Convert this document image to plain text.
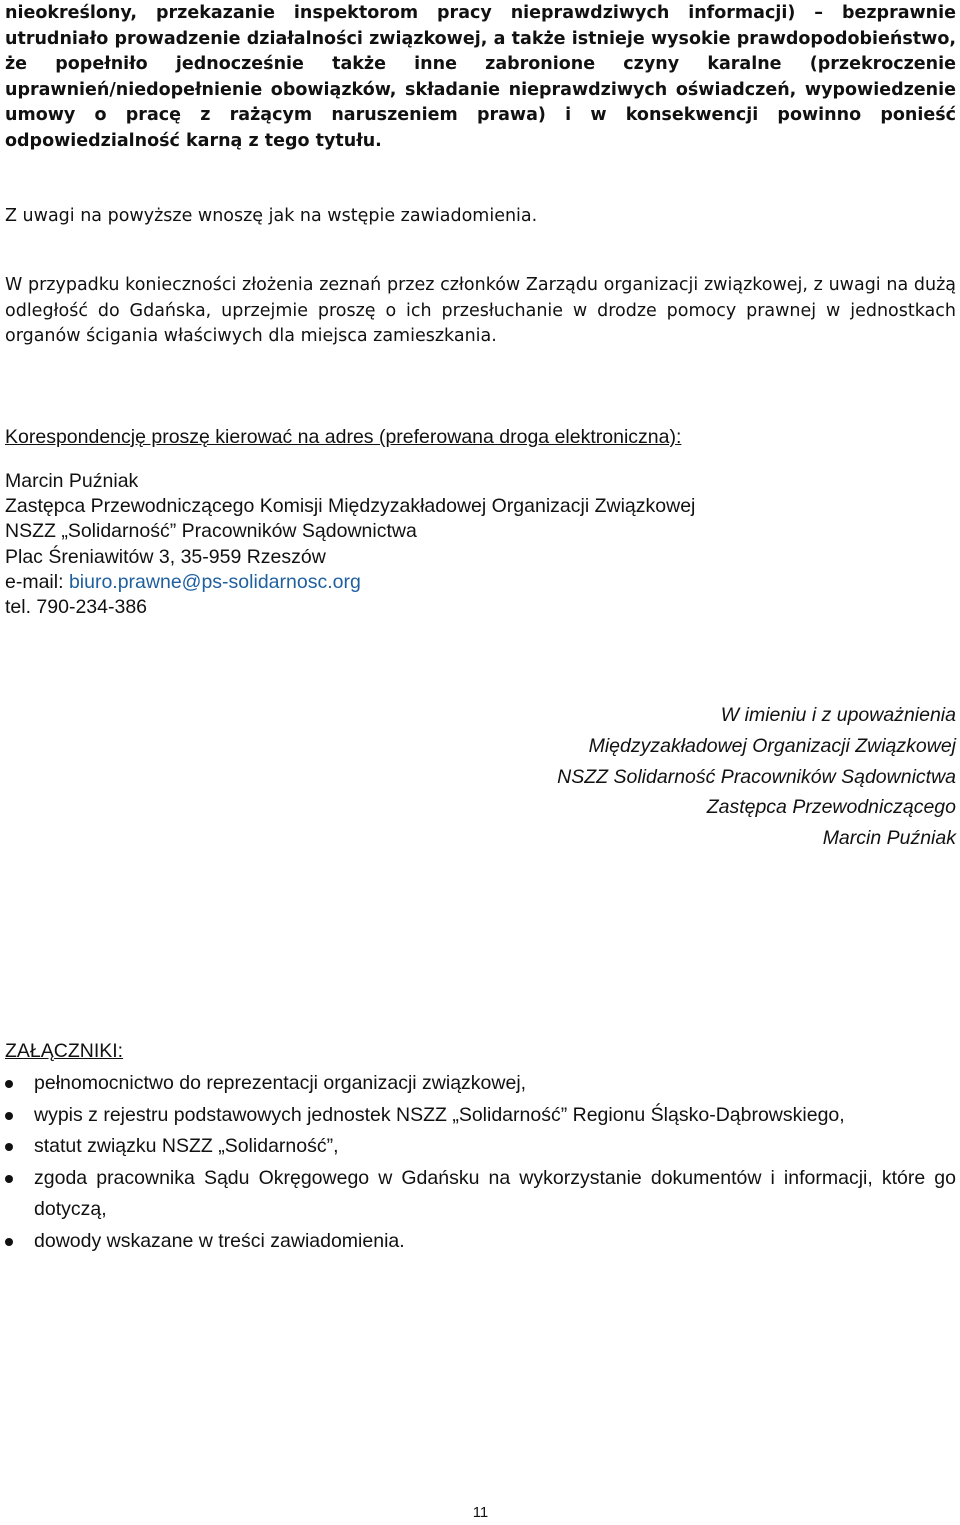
nieokreślony, przekazanie inspektorom pracy nieprawdziwych informacji) – bezprawnie utrudniało prowadzenie działalności związkowej, a także istnieje wysokie prawdopodobieństwo, że popełniło jednocześnie także inne zabronione czyny karalne (przekroczenie uprawnień/niedopełnienie obowiązków, składanie nieprawdziwych oświadczeń, wypowiedzenie umowy o pracę z rażącym naruszeniem prawa) i w konsekwencji powinno ponieść odpowiedzialność karną z tego tytułu.

Z uwagi na powyższe wnoszę jak na wstępie zawiadomienia.

W przypadku konieczności złożenia zeznań przez członków Zarządu organizacji związkowej, z uwagi na dużą odległość do Gdańska, uprzejmie proszę o ich przesłuchanie w drodze pomocy prawnej w jednostkach organów ścigania właściwych dla miejsca zamieszkania.

Korespondencję proszę kierować na adres (preferowana droga elektroniczna):

Marcin Puźniak
Zastępca Przewodniczącego Komisji Międzyzakładowej Organizacji Związkowej
NSZZ „Solidarność” Pracowników Sądownictwa
Plac Śreniawitów 3, 35-959 Rzeszów
e-mail: biuro.prawne@ps-solidarnosc.org
tel. 790-234-386
W imieniu i z upoważnienia
Międzyzakładowej Organizacji Związkowej
NSZZ Solidarność Pracowników Sądownictwa
Zastępca Przewodniczącego
Marcin Puźniak

ZAŁĄCZNIKI:

pełnomocnictwo do reprezentacji organizacji związkowej,
wypis z rejestru podstawowych jednostek NSZZ „Solidarność” Regionu Śląsko-Dąbrowskiego,
statut związku NSZZ „Solidarność”,
zgoda pracownika Sądu Okręgowego w Gdańsku na wykorzystanie dokumentów i informacji, które go dotyczą,
dowody wskazane w treści zawiadomienia.
11
